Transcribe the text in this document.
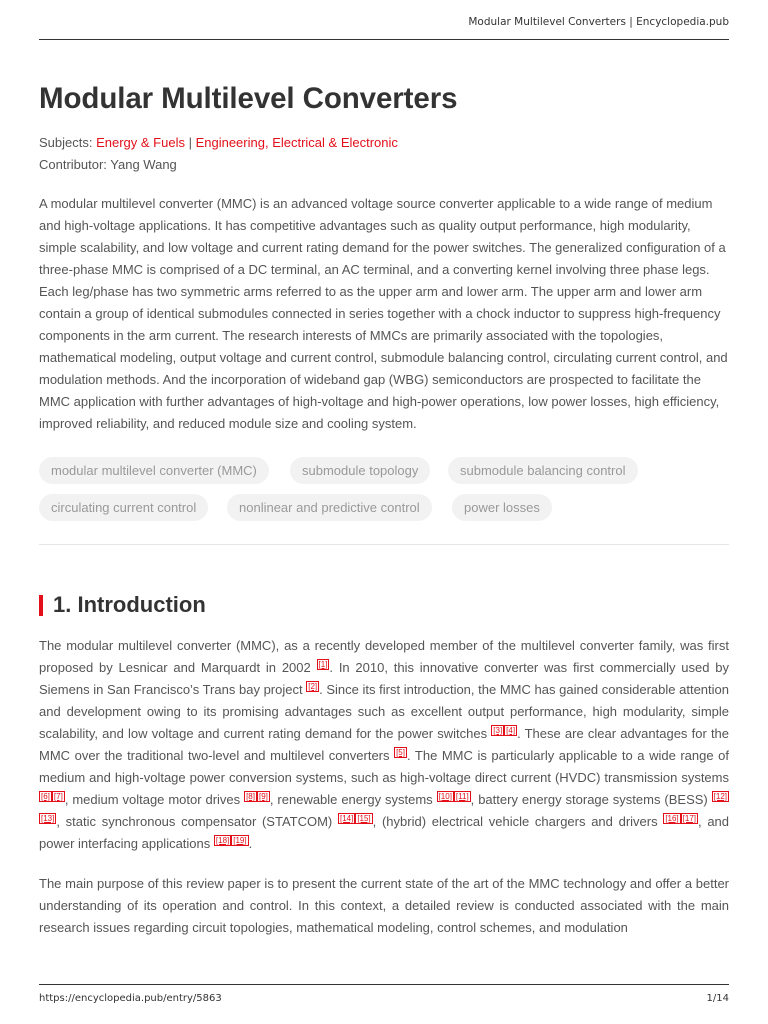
Modular Multilevel Converters | Encyclopedia.pub
Modular Multilevel Converters
Subjects: Energy & Fuels | Engineering, Electrical & Electronic
Contributor: Yang Wang

A modular multilevel converter (MMC) is an advanced voltage source converter applicable to a wide range of medium and high-voltage applications. It has competitive advantages such as quality output performance, high modularity, simple scalability, and low voltage and current rating demand for the power switches. The generalized configuration of a three-phase MMC is comprised of a DC terminal, an AC terminal, and a converting kernel involving three phase legs. Each leg/phase has two symmetric arms referred to as the upper arm and lower arm. The upper arm and lower arm contain a group of identical submodules connected in series together with a chock inductor to suppress high-frequency components in the arm current. The research interests of MMCs are primarily associated with the topologies, mathematical modeling, output voltage and current control, submodule balancing control, circulating current control, and modulation methods. And the incorporation of wideband gap (WBG) semiconductors are prospected to facilitate the MMC application with further advantages of high-voltage and high-power operations, low power losses, high efficiency, improved reliability, and reduced module size and cooling system.

modular multilevel converter (MMC)	submodule topology	submodule balancing control
circulating current control	nonlinear and predictive control	power losses
1. Introduction

The modular multilevel converter (MMC), as a recently developed member of the multilevel converter family, was first proposed by Lesnicar and Marquardt in 2002 [1] . In 2010, this innovative converter was first commercially used by Siemens in San Francisco’s Trans bay project [2] . Since its first introduction, the MMC has gained considerable attention and development owing to its promising advantages such as excellent output performance, high modularity, simple scalability, and low voltage and current rating demand for the power switches [3] [4] . These are clear advantages for the MMC over the traditional two-level and multilevel converters [5] . The MMC is particularly applicable to a wide range of medium and high-voltage power conversion systems, such as high-voltage direct current (HVDC) transmission systems [6] [7] , medium voltage motor drives [8] [9] , renewable energy systems [10] [11] , battery energy storage systems (BESS) [12][13] , static synchronous compensator (STATCOM) [14] [15] , (hybrid) electrical vehicle chargers and drivers [16] [17] , and power interfacing applications [18] [19] .

The main purpose of this review paper is to present the current state of the art of the MMC technology and offer a better understanding of its operation and control. In this context, a detailed review is conducted associated with the main research issues regarding circuit topologies, mathematical modeling, control schemes, and modulation

https://encyclopedia.pub/entry/5863	1/14
